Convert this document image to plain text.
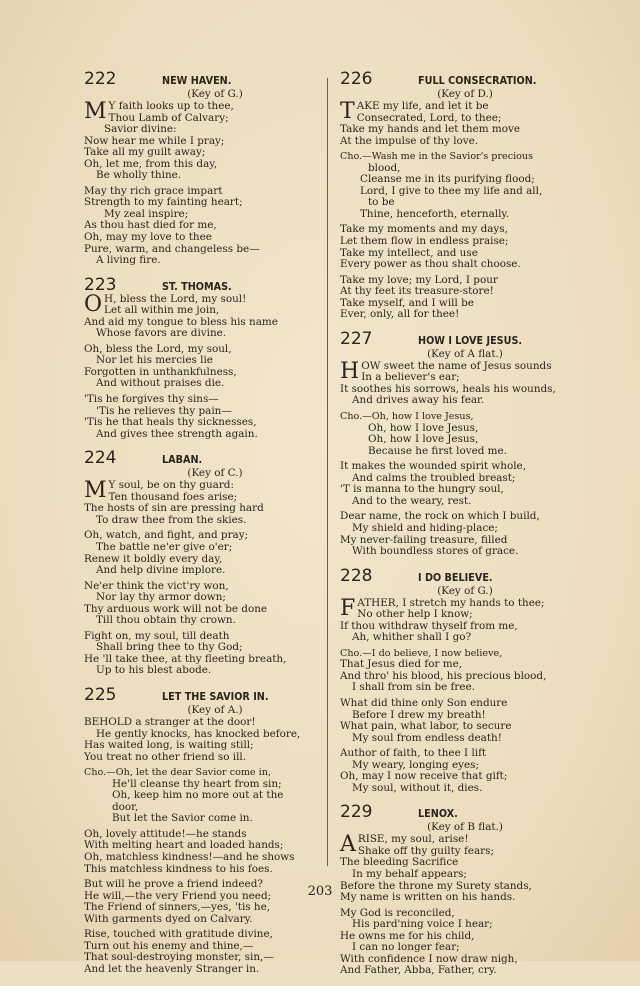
222	NEW HAVEN.
(Key of G.)
M Y faith looks up to thee,
Thou Lamb of Calvary;
Savior divine:
Now hear me while I pray;
Take all my guilt away;
Oh, let me, from this day,
Be wholly thine.
May thy rich grace impart
Strength to my fainting heart;
My zeal inspire;
As thou hast died for me,
Oh, may my love to thee
Pure, warm, and changeless be—
A living fire.
223	ST. THOMAS.
O H, bless the Lord, my soul!
Let all within me join,
And aid my tongue to bless his name
Whose favors are divine.
Oh, bless the Lord, my soul,
Nor let his mercies lie
Forgotten in unthankfulness,
And without praises die.
'Tis he forgives thy sins—
'Tis he relieves thy pain—
'Tis he that heals thy sicknesses,
And gives thee strength again.
224	LABAN.
(Key of C.)
M Y soul, be on thy guard:
Ten thousand foes arise;
The hosts of sin are pressing hard
To draw thee from the skies.
Oh, watch, and fight, and pray;
The battle ne'er give o'er;
Renew it boldly every day,
And help divine implore.
Ne'er think the vict'ry won,
Nor lay thy armor down;
Thy arduous work will not be done
Till thou obtain thy crown.
Fight on, my soul, till death
Shall bring thee to thy God;
He 'll take thee, at thy fleeting breath,
Up to his blest abode.
225	LET THE SAVIOR IN.
(Key of A.)
BEHOLD a stranger at the door!
He gently knocks, has knocked before,
Has waited long, is waiting still;
You treat no other friend so ill.
Cho.—Oh, let the dear Savior come in,
He'll cleanse thy heart from sin;
Oh, keep him no more out at the
door,
But let the Savior come in.
Oh, lovely attitude!—he stands
With melting heart and loaded hands;
Oh, matchless kindness!—and he shows
This matchless kindness to his foes.
But will he prove a friend indeed?
He will,—the very Friend you need;
The Friend of sinners,—yes, 'tis he,
With garments dyed on Calvary.
Rise, touched with gratitude divine,
Turn out his enemy and thine,—
That soul-destroying monster, sin,—
And let the heavenly Stranger in.
226	FULL CONSECRATION.
(Key of D.)
T AKE my life, and let it be
Consecrated, Lord, to thee;
Take my hands and let them move
At the impulse of thy love.
Cho.—Wash me in the Savior's precious
blood,
Cleanse me in its purifying flood;
Lord, I give to thee my life and all,
to be
Thine, henceforth, eternally.
Take my moments and my days,
Let them flow in endless praise;
Take my intellect, and use
Every power as thou shalt choose.
Take my love; my Lord, I pour
At thy feet its treasure-store!
Take myself, and I will be
Ever, only, all for thee!
227	HOW I LOVE JESUS.
(Key of A flat.)
H OW sweet the name of Jesus sounds
In a believer's ear;
It soothes his sorrows, heals his wounds,
And drives away his fear.
Cho.—Oh, how I love Jesus,
Oh, how I love Jesus,
Oh, how I love Jesus,
Because he first loved me.
It makes the wounded spirit whole,
And calms the troubled breast;
'T is manna to the hungry soul,
And to the weary, rest.
Dear name, the rock on which I build,
My shield and hiding-place;
My never-failing treasure, filled
With boundless stores of grace.
228	I DO BELIEVE.
(Key of G.)
F ATHER, I stretch my hands to thee;
No other help I know;
If thou withdraw thyself from me,
Ah, whither shall I go?
Cho.—I do believe, I now believe,
That Jesus died for me,
And thro' his blood, his precious blood,
I shall from sin be free.
What did thine only Son endure
Before I drew my breath!
What pain, what labor, to secure
My soul from endless death!
Author of faith, to thee I lift
My weary, longing eyes;
Oh, may I now receive that gift;
My soul, without it, dies.
229	LENOX.
(Key of B flat.)
A RISE, my soul, arise!
Shake off thy guilty fears;
The bleeding Sacrifice
In my behalf appears;
Before the throne my Surety stands,
My name is written on his hands.
My God is reconciled,
His pard'ning voice I hear;
He owns me for his child,
I can no longer fear;
With confidence I now draw nigh,
And Father, Abba, Father, cry.
203
